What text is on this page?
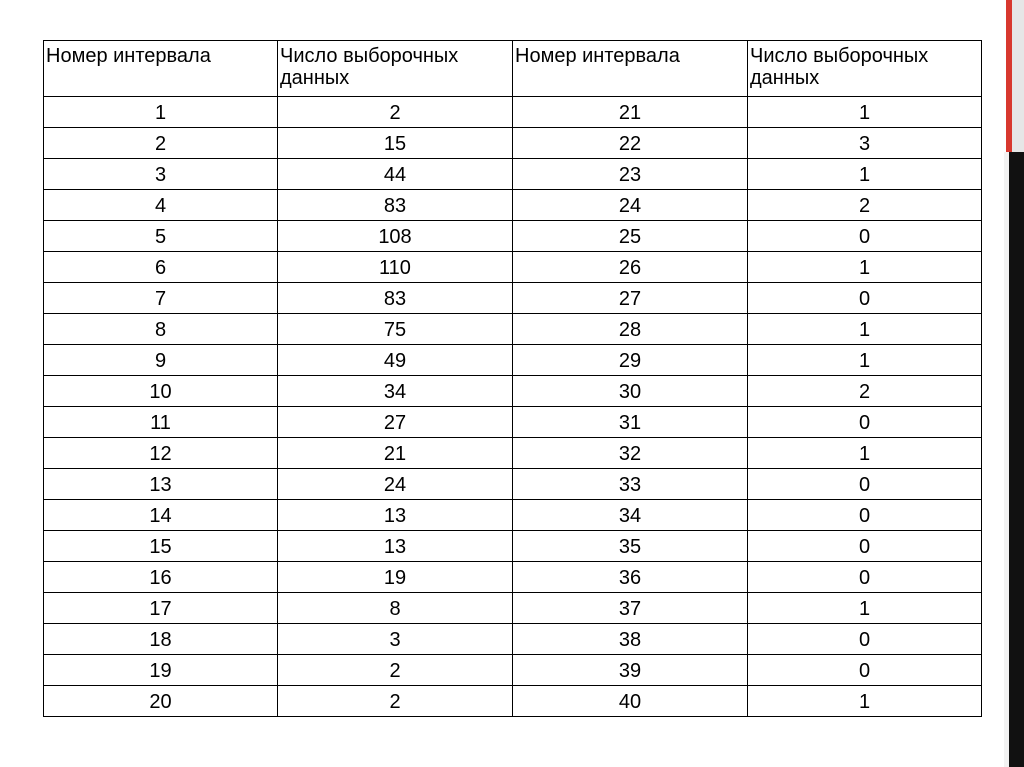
Номер интервала	Число выборочных данных	Номер интервала	Число выборочных данных
1	2	21	1
2	15	22	3
3	44	23	1
4	83	24	2
5	108	25	0
6	110	26	1
7	83	27	0
8	75	28	1
9	49	29	1
10	34	30	2
11	27	31	0
12	21	32	1
13	24	33	0
14	13	34	0
15	13	35	0
16	19	36	0
17	8	37	1
18	3	38	0
19	2	39	0
20	2	40	1
